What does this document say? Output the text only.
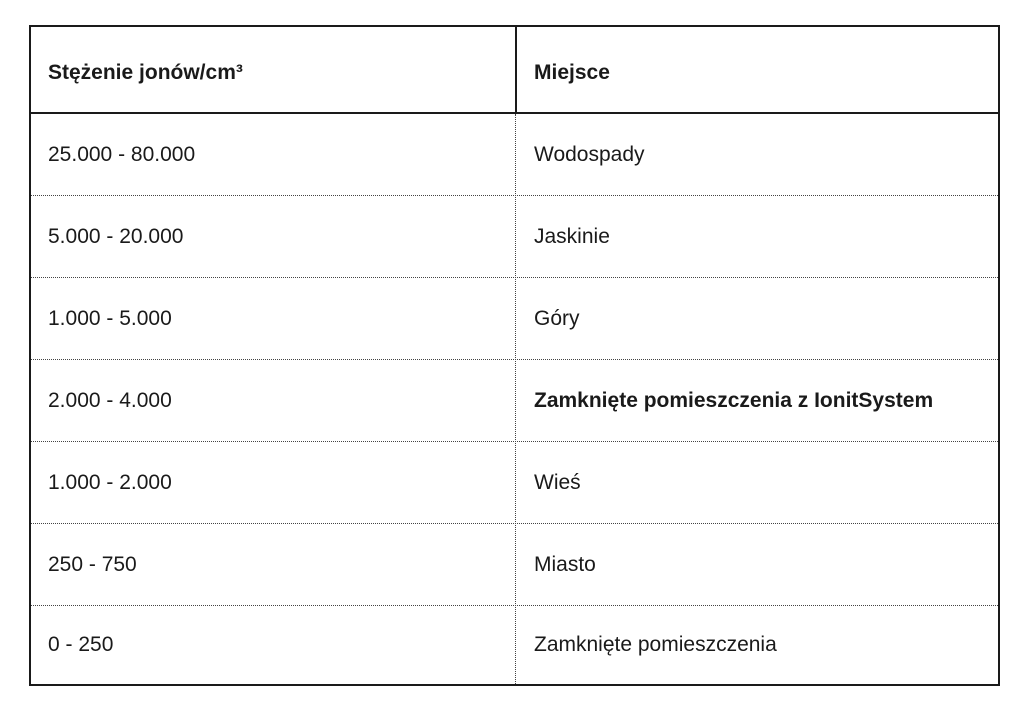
Stężenie jonów/cm³	Miejsce
25.000 - 80.000	Wodospady
5.000 - 20.000	Jaskinie
1.000 - 5.000	Góry
2.000 - 4.000	Zamknięte pomieszczenia z IonitSystem
1.000 - 2.000	Wieś
250 - 750	Miasto
0 - 250	Zamknięte pomieszczenia
